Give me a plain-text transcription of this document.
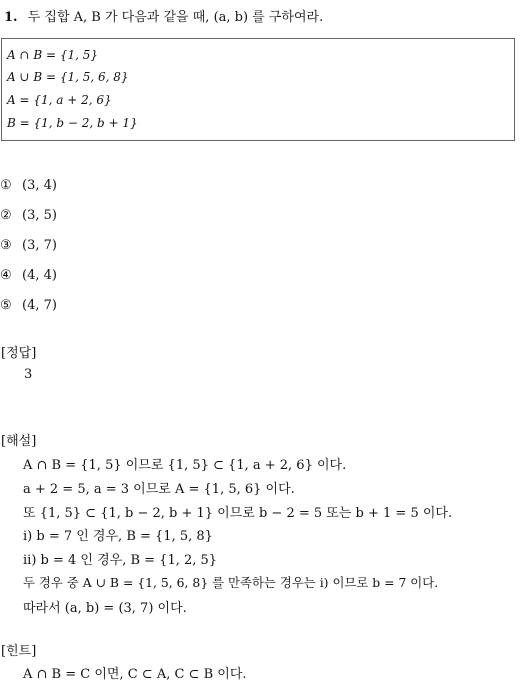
1. 두 집합 A, B 가 다음과 같을 때, (a, b) 를 구하여라.
A ∩ B = {1, 5}
A ∪ B = {1, 5, 6, 8}
A = {1, a + 2, 6}
B = {1, b − 2, b + 1}
① (3, 4)
② (3, 5)
③ (3, 7)
④ (4, 4)
⑤ (4, 7)
[정답]
3
[해설]
A ∩ B = {1, 5} 이므로 {1, 5} ⊂ {1, a + 2, 6} 이다.
a + 2 = 5, a = 3 이므로 A = {1, 5, 6} 이다.
또 {1, 5} ⊂ {1, b − 2, b + 1} 이므로 b − 2 = 5 또는 b + 1 = 5 이다.
ⅰ) b = 7 인 경우, B = {1, 5, 8}
ⅱ) b = 4 인 경우, B = {1, 2, 5}
두 경우 중 A ∪ B = {1, 5, 6, 8} 를 만족하는 경우는 ⅰ) 이므로 b = 7 이다.
따라서 (a, b) = (3, 7) 이다.
[힌트]
A ∩ B = C 이면, C ⊂ A, C ⊂ B 이다.
